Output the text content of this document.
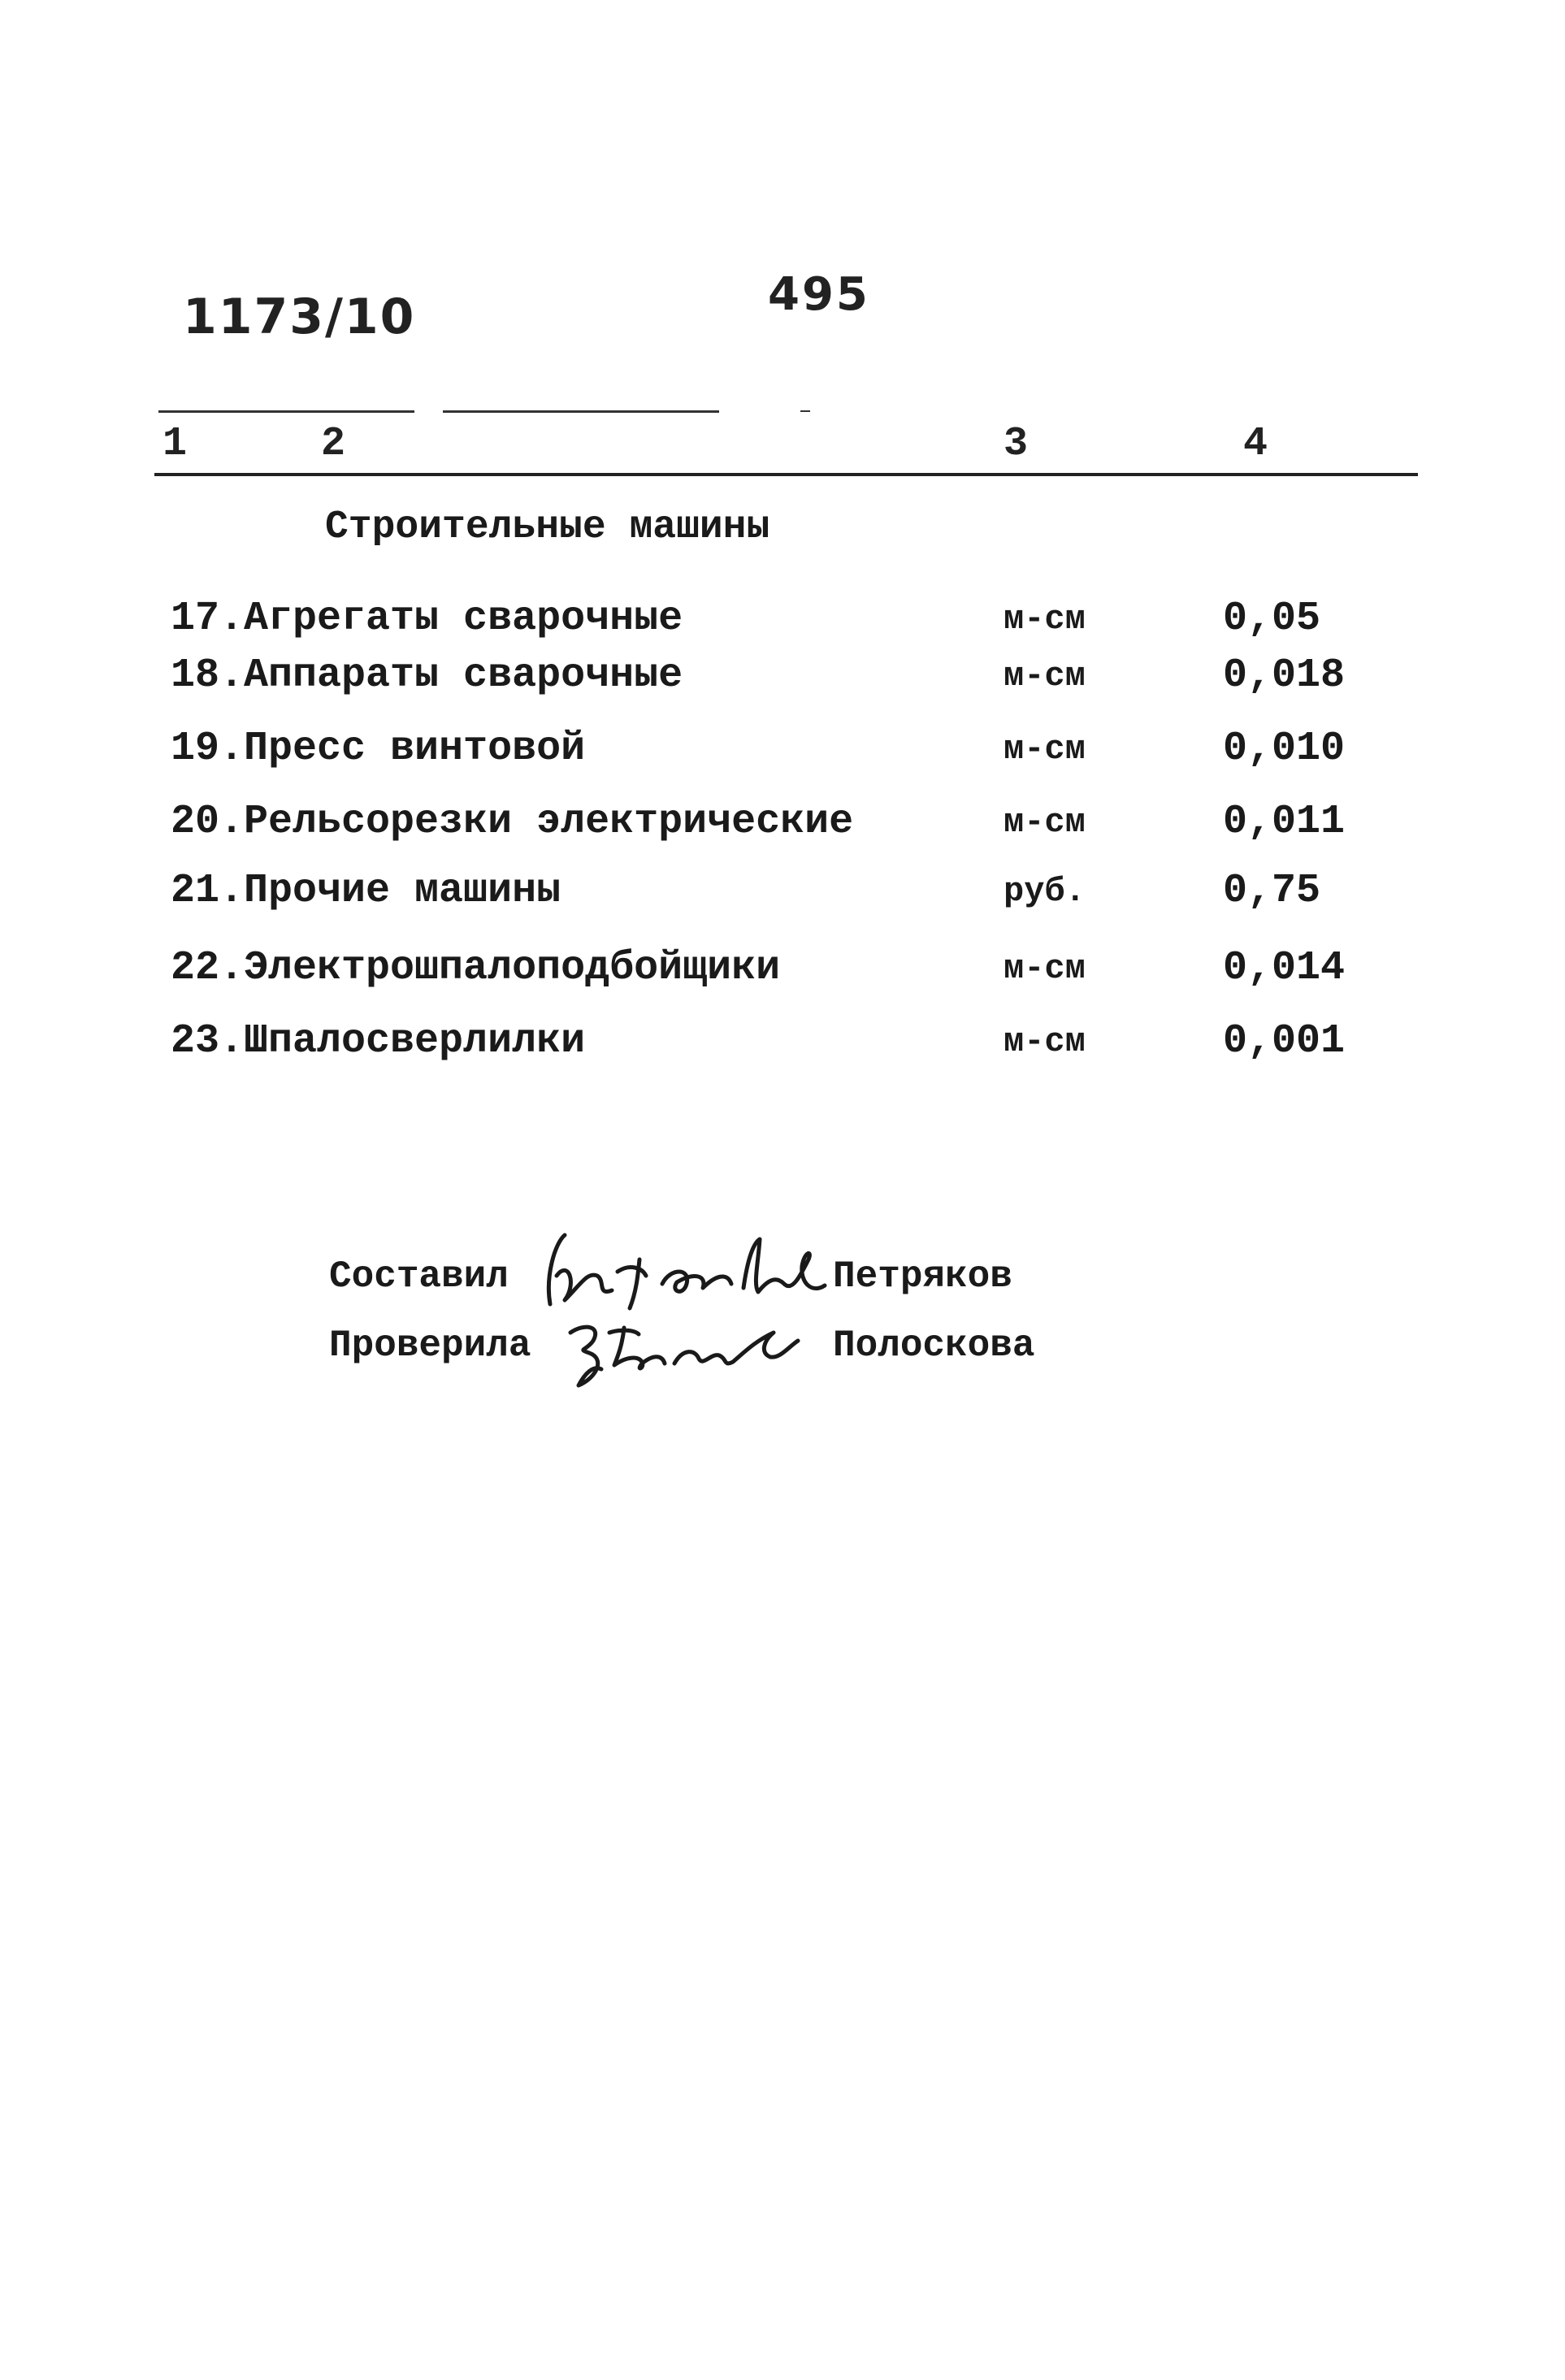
1173/10	495
1	2	3	4
Строительные машины
17.Агрегаты сварочные	м-см	0,05
18.Аппараты сварочные	м-см	0,018
19.Пресс винтовой	м-см	0,010
20.Рельсорезки электрические	м-см	0,011
21.Прочие машины	руб.	0,75
22.Электрошпалоподбойщики	м-см	0,014
23.Шпалосверлилки	м-см	0,001
Составил	Петряков
Проверила	Полоскова
